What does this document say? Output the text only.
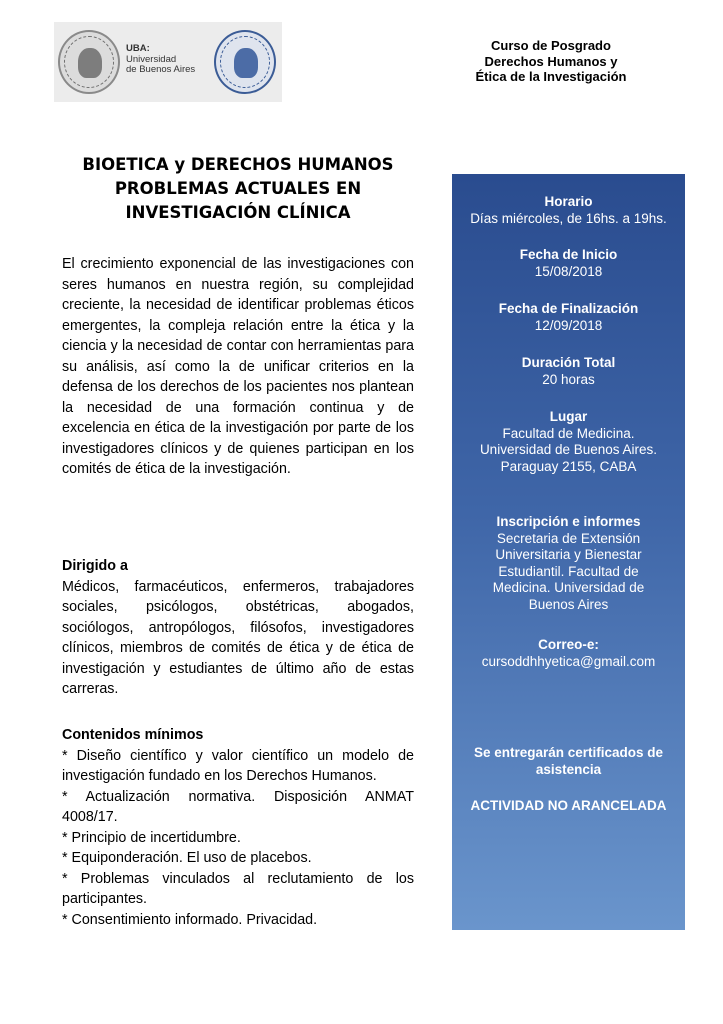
UBA:
Universidad
de Buenos Aires
Curso de Posgrado
Derechos Humanos y
Ética de la Investigación
BIOETICA y DERECHOS HUMANOS
PROBLEMAS ACTUALES EN
INVESTIGACIÓN CLÍNICA
El crecimiento exponencial de las investigaciones con seres humanos en nuestra región, su complejidad creciente, la necesidad de identificar problemas éticos emergentes, la compleja relación entre la ética y la ciencia y la necesidad de contar con herramientas para su análisis, así como la de unificar criterios en la defensa de los derechos de los pacientes nos plantean la necesidad de una formación continua y de excelencia en ética de la investigación por parte de los investigadores clínicos y de quienes participan en los comités de ética de la investigación.
Dirigido a
Médicos, farmacéuticos, enfermeros, trabajadores sociales, psicólogos, obstétricas, abogados, sociólogos, antropólogos, filósofos, investigadores clínicos, miembros de comités de ética y de ética de investigación y estudiantes de último año de estas carreras.
Contenidos mínimos

* Diseño científico y valor científico un modelo de investigación fundado en los Derechos Humanos.

* Actualización normativa. Disposición ANMAT 4008/17.

* Principio de incertidumbre.

* Equiponderación. El uso de placebos.

* Problemas vinculados al reclutamiento de los participantes.

* Consentimiento informado. Privacidad.

Horario
Días miércoles, de 16hs. a 19hs.
Fecha de Inicio
15/08/2018
Fecha de Finalización
12/09/2018
Duración Total
20 horas
Lugar
Facultad de Medicina.
Universidad de Buenos Aires.
Paraguay 2155, CABA
Inscripción e informes
Secretaria de Extensión
Universitaria y Bienestar
Estudiantil. Facultad de
Medicina. Universidad de
Buenos Aires
Correo-e:
cursoddhhyetica@gmail.com
Se entregarán certificados de
asistencia
ACTIVIDAD NO ARANCELADA
